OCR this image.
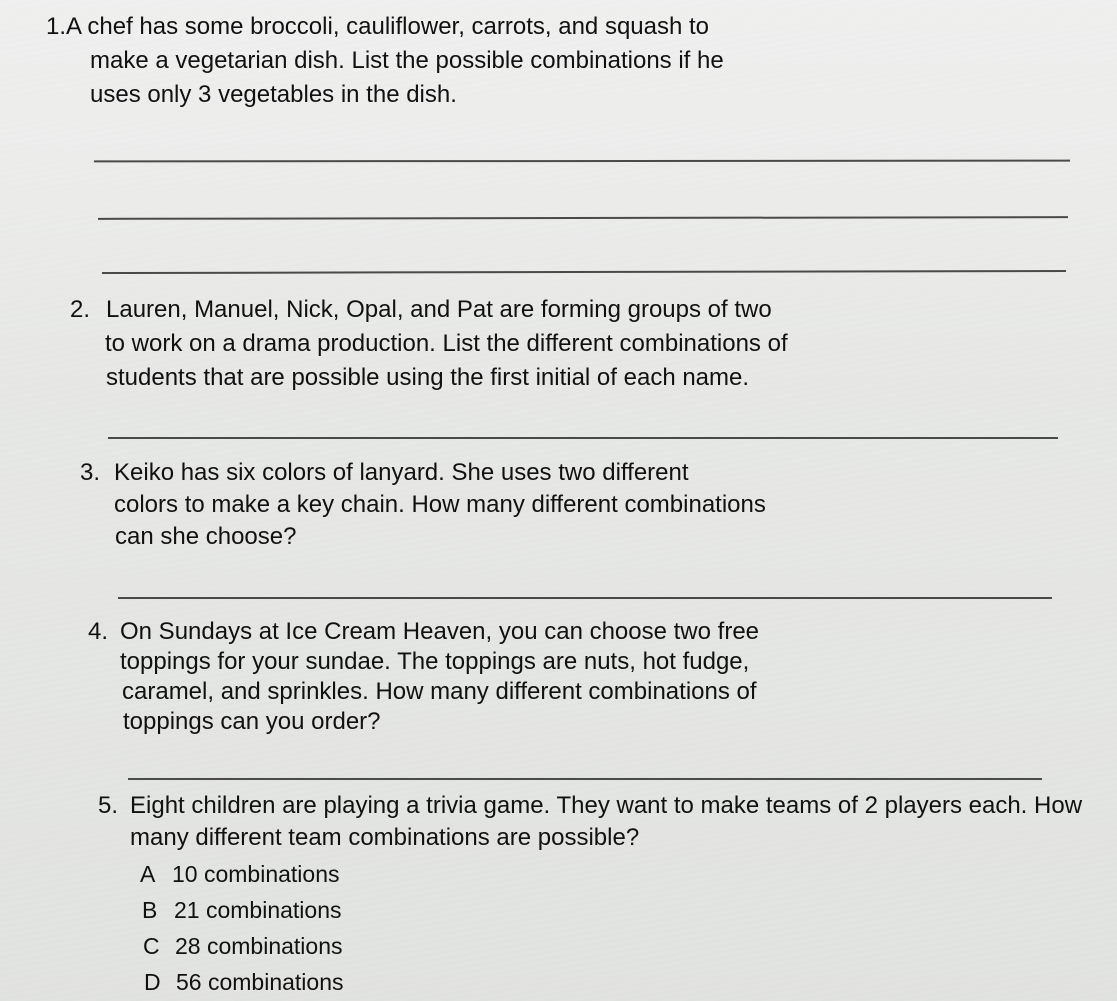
1.A chef has some broccoli, cauliflower, carrots, and squash to
make a vegetarian dish. List the possible combinations if he
uses only 3 vegetables in the dish.
2. Lauren, Manuel, Nick, Opal, and Pat are forming groups of two
to work on a drama production. List the different combinations of
students that are possible using the first initial of each name.
3. Keiko has six colors of lanyard. She uses two different
colors to make a key chain. How many different combinations
can she choose?
4. On Sundays at Ice Cream Heaven, you can choose two free
toppings for your sundae. The toppings are nuts, hot fudge,
caramel, and sprinkles. How many different combinations of
toppings can you order?
5. Eight children are playing a trivia game. They want to make teams of 2 players each. How
many different team combinations are possible?
A 10 combinations
B 21 combinations
C 28 combinations
D 56 combinations
